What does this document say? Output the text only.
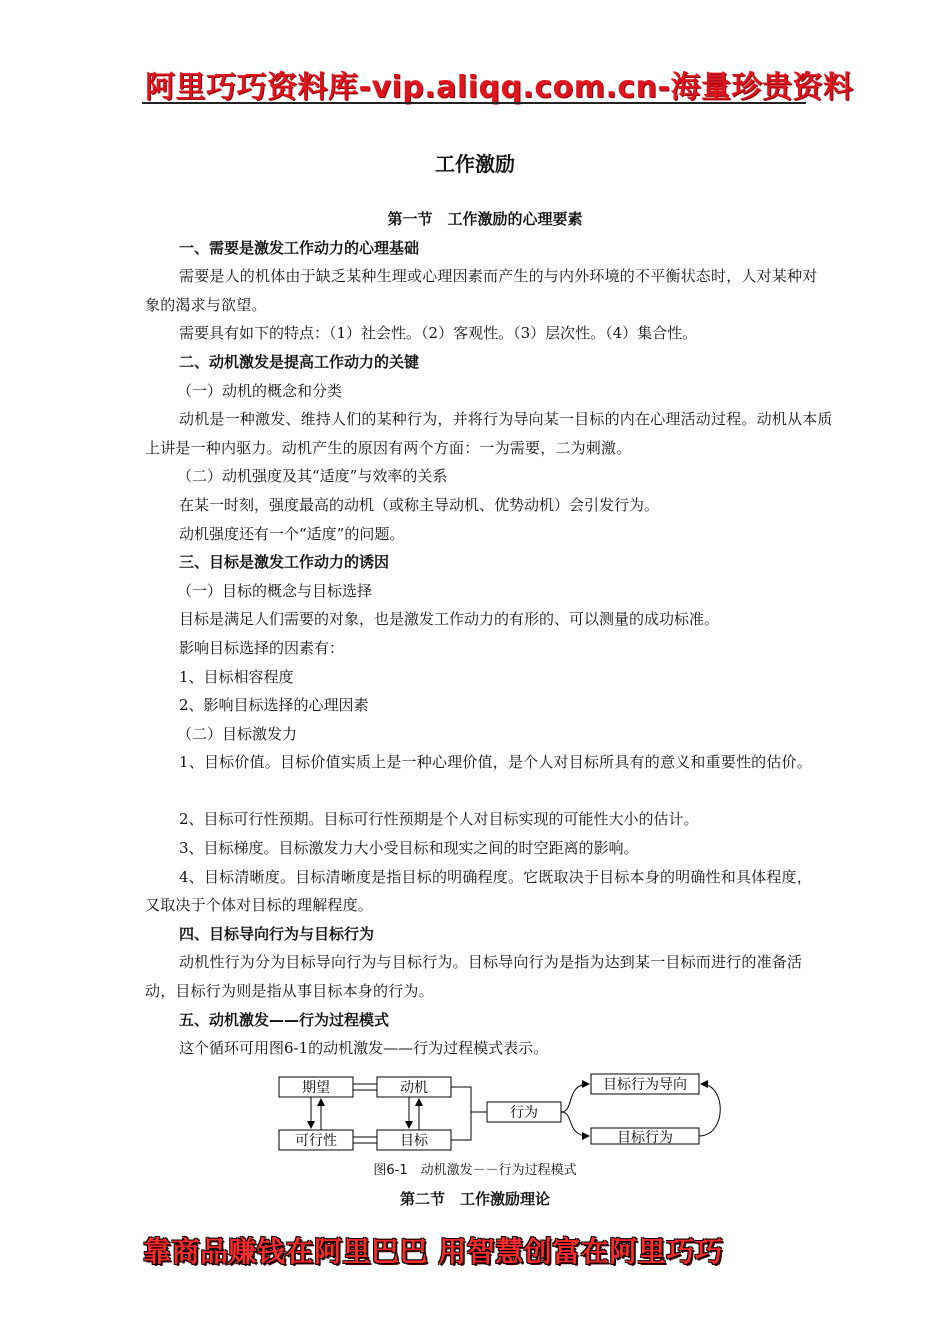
阿里巧巧资料库-vip.aliqq.com.cn-海量珍贵资料
工作激励
第一节　工作激励的心理要素
一、需要是激发工作动力的心理基础
需要是人的机体由于缺乏某种生理或心理因素而产生的与内外环境的不平衡状态时，人对某种对象的渴求与欲望。
需要具有如下的特点：（1）社会性。（2）客观性。（3）层次性。（4）集合性。
二、动机激发是提高工作动力的关键
（一）动机的概念和分类
动机是一种激发、维持人们的某种行为，并将行为导向某一目标的内在心理活动过程。动机从本质上讲是一种内驱力。动机产生的原因有两个方面：一为需要，二为刺激。
（二）动机强度及其“适度”与效率的关系
在某一时刻，强度最高的动机（或称主导动机、优势动机）会引发行为。
动机强度还有一个“适度”的问题。
三、目标是激发工作动力的诱因
（一）目标的概念与目标选择
目标是满足人们需要的对象，也是激发工作动力的有形的、可以测量的成功标准。
影响目标选择的因素有：
1、目标相容程度
2、影响目标选择的心理因素
（二）目标激发力
1、目标价值。目标价值实质上是一种心理价值，是个人对目标所具有的意义和重要性的估价。
2、目标可行性预期。目标可行性预期是个人对目标实现的可能性大小的估计。
3、目标梯度。目标激发力大小受目标和现实之间的时空距离的影响。
4、目标清晰度。目标清晰度是指目标的明确程度。它既取决于目标本身的明确性和具体程度，又取决于个体对目标的理解程度。
四、目标导向行为与目标行为
动机性行为分为目标导向行为与目标行为。目标导向行为是指为达到某一目标而进行的准备活动，目标行为则是指从事目标本身的行为。
五、动机激发——行为过程模式
这个循环可用图6-1的动机激发——行为过程模式表示。
期望	动机
可行性	目标
行为
目标行为导向
目标行为
图6-1　动机激发－－行为过程模式
第二节　工作激励理论
靠商品赚钱在阿里巴巴 用智慧创富在阿里巧巧
